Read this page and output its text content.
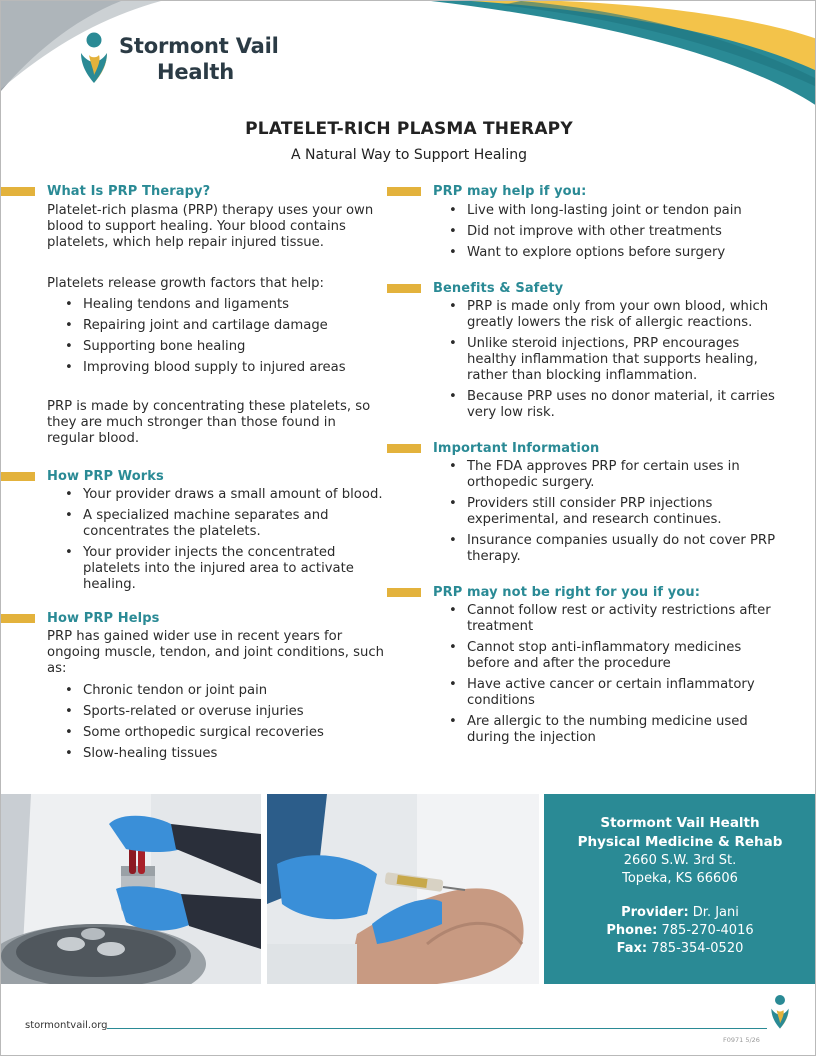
Stormont Vail
Health
PLATELET-RICH PLASMA THERAPY
A Natural Way to Support Healing
What Is PRP Therapy?

Platelet-rich plasma (PRP) therapy uses your own blood to support healing. Your blood contains platelets, which help repair injured tissue.

Platelets release growth factors that help:

• Healing tendons and ligaments
• Repairing joint and cartilage damage
• Supporting bone healing
• Improving blood supply to injured areas

PRP is made by concentrating these platelets, so they are much stronger than those found in regular blood.

How PRP Works
• Your provider draws a small amount of blood.
• A specialized machine separates and concentrates the platelets.
• Your provider injects the concentrated platelets into the injured area to activate healing.
How PRP Helps

PRP has gained wider use in recent years for ongoing muscle, tendon, and joint conditions, such as:

• Chronic tendon or joint pain
• Sports-related or overuse injuries
• Some orthopedic surgical recoveries
• Slow-healing tissues
PRP may help if you:
• Live with long-lasting joint or tendon pain
• Did not improve with other treatments
• Want to explore options before surgery
Benefits & Safety
• PRP is made only from your own blood, which greatly lowers the risk of allergic reactions.
• Unlike steroid injections, PRP encourages healthy inflammation that supports healing, rather than blocking inflammation.
• Because PRP uses no donor material, it carries very low risk.
Important Information
• The FDA approves PRP for certain uses in orthopedic surgery.
• Providers still consider PRP injections experimental, and research continues.
• Insurance companies usually do not cover PRP therapy.
PRP may not be right for you if you:
• Cannot follow rest or activity restrictions after treatment
• Cannot stop anti-inflammatory medicines before and after the procedure
• Have active cancer or certain inflammatory conditions
• Are allergic to the numbing medicine used during the injection
Stormont Vail Health
Physical Medicine & Rehab
2660 S.W. 3rd St.
Topeka, KS 66606
Provider: Dr. Jani
Phone: 785-270-4016
Fax: 785-354-0520
stormontvail.org
F0971 5/26
